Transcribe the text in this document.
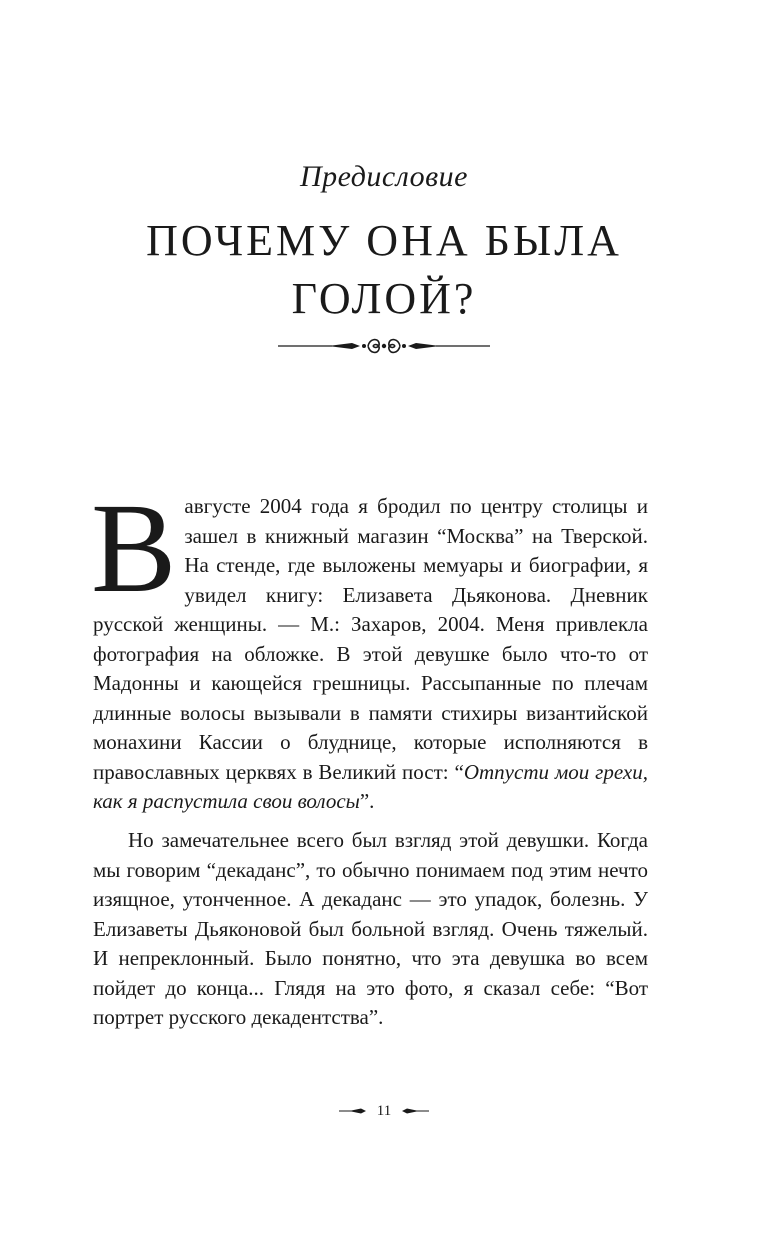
Предисловие
ПОЧЕМУ ОНА БЫЛА
ГОЛОЙ?
Вавгусте 2004 года я бродил по центру столицы и зашел в книжный магазин “Москва” на Тверской. На стенде, где выложены мемуары и биографии, я увидел книгу: Елизавета Дьяконова. Дневник русской женщины. — М.: Захаров, 2004. Меня привлекла фотография на обложке. В этой девушке было что-то от Мадонны и кающейся грешницы. Рассыпанные по плечам длинные волосы вызывали в памяти стихиры византийской монахини Кассии о блуднице, которые исполняются в православных церквях в Великий пост: “Отпусти мои грехи, как я распустила свои волосы”.
Но замечательнее всего был взгляд этой девушки. Когда мы говорим “декаданс”, то обычно понимаем под этим нечто изящное, утонченное. А декаданс — это упадок, болезнь. У Елизаветы Дьяконовой был больной взгляд. Очень тяжелый. И непреклонный. Было понятно, что эта девушка во всем пойдет до конца... Глядя на это фото, я сказал себе: “Вот портрет русского декадентства”.
11
